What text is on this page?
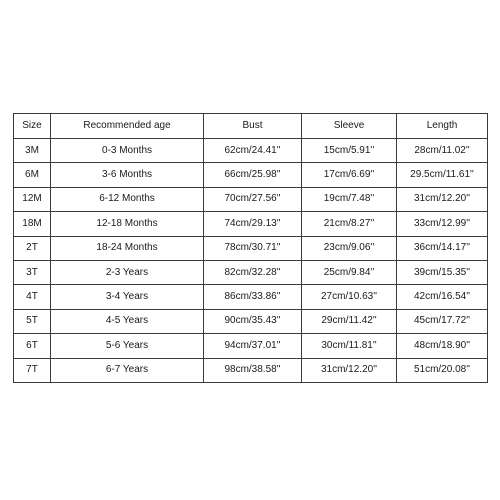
Size	Recommended age	Bust	Sleeve	Length
3M	0-3 Months	62cm/24.41''	15cm/5.91''	28cm/11.02''
6M	3-6 Months	66cm/25.98''	17cm/6.69''	29.5cm/11.61''
12M	6-12 Months	70cm/27.56''	19cm/7.48''	31cm/12.20''
18M	12-18 Months	74cm/29.13''	21cm/8.27''	33cm/12.99''
2T	18-24 Months	78cm/30.71''	23cm/9.06''	36cm/14.17''
3T	2-3 Years	82cm/32.28''	25cm/9.84''	39cm/15.35''
4T	3-4 Years	86cm/33.86''	27cm/10.63''	42cm/16.54''
5T	4-5 Years	90cm/35.43''	29cm/11.42''	45cm/17.72''
6T	5-6 Years	94cm/37.01''	30cm/11.81''	48cm/18.90''
7T	6-7 Years	98cm/38.58''	31cm/12.20''	51cm/20.08''
